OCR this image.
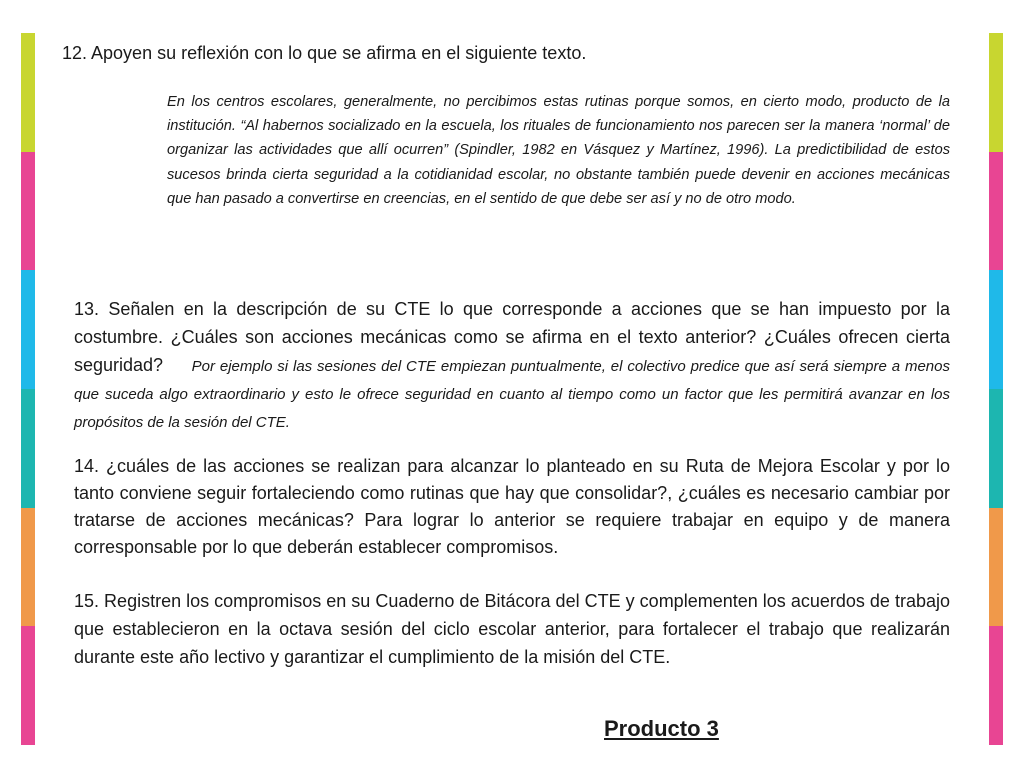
12. Apoyen su reflexión con lo que se afirma en el siguiente texto.
En los centros escolares, generalmente, no percibimos estas rutinas porque somos, en cierto modo, producto de la institución. “Al habernos socializado en la escuela, los rituales de funcionamiento nos parecen ser la manera ‘normal’ de organizar las actividades que allí ocurren” (Spindler, 1982 en Vásquez y Martínez, 1996). La predictibilidad de estos sucesos brinda cierta seguridad a la cotidianidad escolar, no obstante también puede devenir en acciones mecánicas que han pasado a convertirse en creencias, en el sentido de que debe ser así y no de otro modo.
13. Señalen en la descripción de su CTE lo que corresponde a acciones que se han impuesto por la costumbre. ¿Cuáles son acciones mecánicas como se afirma en el texto anterior? ¿Cuáles ofrecen cierta seguridad? Por ejemplo si las sesiones del CTE empiezan puntualmente, el colectivo predice que así será siempre a menos que suceda algo extraordinario y esto le ofrece seguridad en cuanto al tiempo como un factor que les permitirá avanzar en los propósitos de la sesión del CTE.
14. ¿cuáles de las acciones se realizan para alcanzar lo planteado en su Ruta de Mejora Escolar y por lo tanto conviene seguir fortaleciendo como rutinas que hay que consolidar?, ¿cuáles es necesario cambiar por tratarse de acciones mecánicas? Para lograr lo anterior se requiere trabajar en equipo y de manera corresponsable por lo que deberán establecer compromisos.
15. Registren los compromisos en su Cuaderno de Bitácora del CTE y complementen los acuerdos de trabajo que establecieron en la octava sesión del ciclo escolar anterior, para fortalecer el trabajo que realizarán durante este año lectivo y garantizar el cumplimiento de la misión del CTE.
Producto 3
